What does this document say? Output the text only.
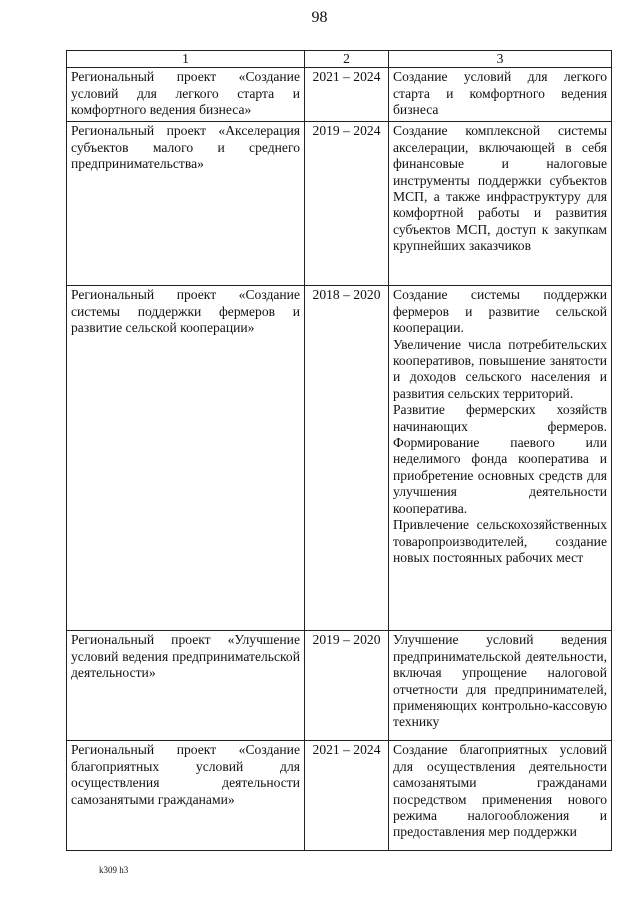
98
1	2	3
Региональный проект «Создание условий для легкого старта и комфортного ведения бизнеса»	2021 – 2024	Создание условий для легкого старта и комфортного ведения бизнеса

Региональный проект «Акселерация субъектов малого и среднего предпринимательства»	2019 – 2024	Создание комплексной системы акселерации, включающей в себя финансовые и налоговые инструменты поддержки субъектов МСП, а также инфраструктуру для комфортной работы и развития субъектов МСП, доступ к закупкам крупнейших заказчиков

Региональный проект «Создание системы поддержки фермеров и развитие сельской кооперации»	2018 – 2020	Создание системы поддержки фермеров и развитие сельской кооперации.
Увеличение числа потребительских кооперативов, повышение занятости и доходов сельского населения и развития сельских территорий.
Развитие фермерских хозяйств начинающих фермеров. Формирование паевого или неделимого фонда кооператива и приобретение основных средств для улучшения деятельности кооператива.
Привлечение сельскохозяйственных товаропроизводителей, создание новых постоянных рабочих мест

Региональный проект «Улучшение условий ведения предпринимательской деятельности»	2019 – 2020	Улучшение условий ведения предпринимательской деятельности, включая упрощение налоговой отчетности для предпринимателей, применяющих контрольно-кассовую технику

Региональный проект «Создание благоприятных условий для осуществления деятельности самозанятыми гражданами»	2021 – 2024	Создание благоприятных условий для осуществления деятельности самозанятыми гражданами посредством применения нового режима налогообложения и предоставления мер поддержки
k309 h3
